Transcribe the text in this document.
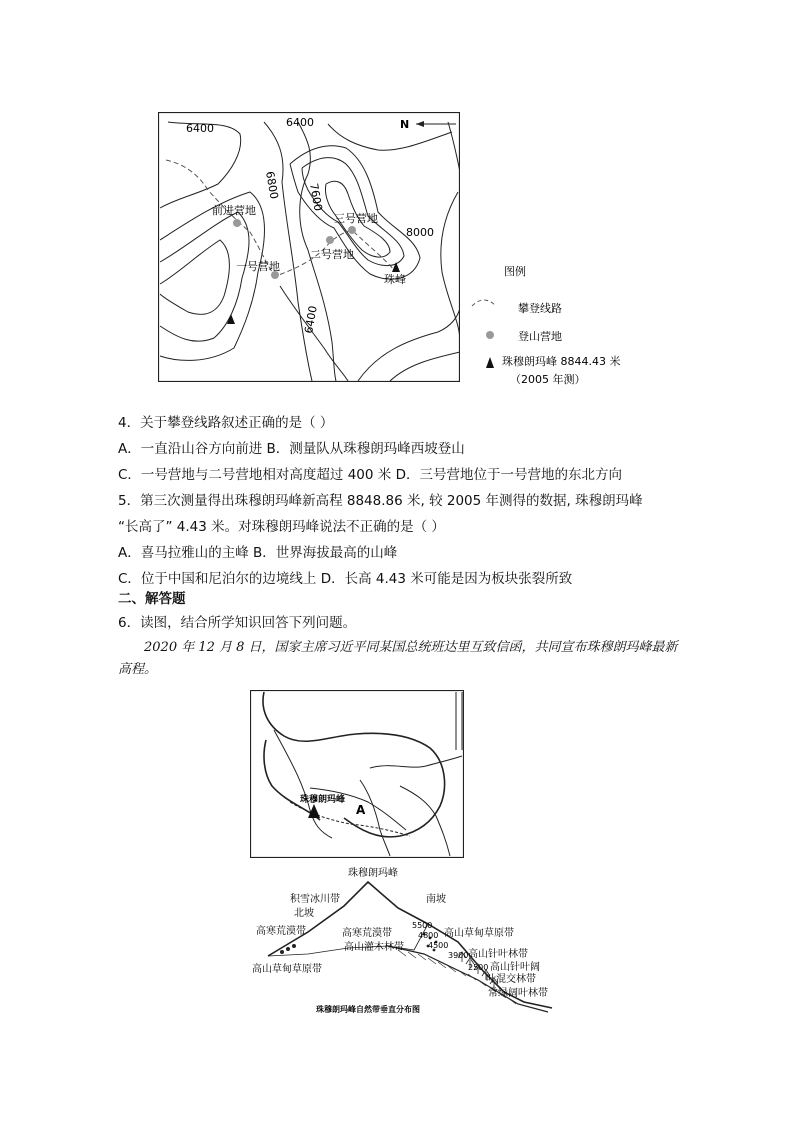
N
6400	6400
6800 7600
8000
6400
前进营地
一号营地
二号营地
三号营地
珠峰
图例
攀登线路
登山营地
珠穆朗玛峰 8844.43 米
（2005 年测）
4．关于攀登线路叙述正确的是（ ）
A．一直沿山谷方向前进 B．测量队从珠穆朗玛峰西坡登山
C．一号营地与二号营地相对高度超过 400 米 D．三号营地位于一号营地的东北方向
5．第三次测量得出珠穆朗玛峰新高程 8848.86 米, 较 2005 年测得的数据, 珠穆朗玛峰
“长高了” 4.43 米。对珠穆朗玛峰说法不正确的是（ ）
A．喜马拉雅山的主峰 B．世界海拔最高的山峰
C．位于中国和尼泊尔的边境线上 D．长高 4.43 米可能是因为板块张裂所致
二、解答题
6．读图，结合所学知识回答下列问题。
2020 年 12 月 8 日，国家主席习近平同某国总统班达里互致信函，共同宣布珠穆朗玛峰最新高程。
珠穆朗玛峰
A
珠穆朗玛峰
积雪冰川带
北坡
南坡
高寒荒漠带
高山草甸草原带
高寒荒漠带
高山灌木林带
5500
高山草甸草原带
4800
4500
3900 高山针叶林带
2500 高山针叶阔
叶混交林带
常绿阔叶林带
珠穆朗玛峰自然带垂直分布图
